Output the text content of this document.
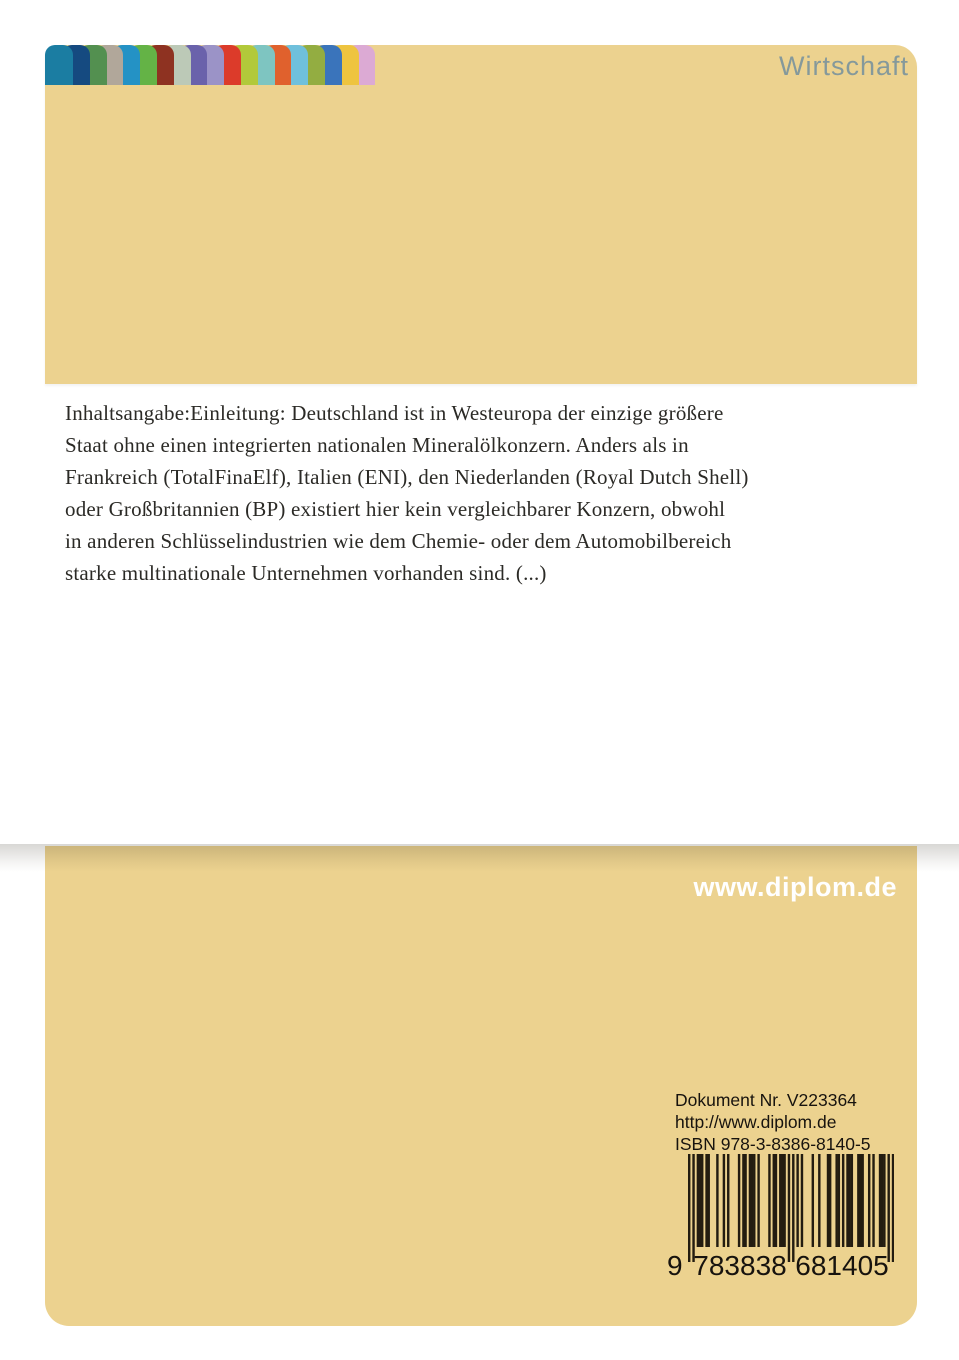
Wirtschaft
Inhaltsangabe:Einleitung: Deutschland ist in Westeuropa der einzige größere
Staat ohne einen integrierten nationalen Mineralölkonzern. Anders als in
Frankreich (TotalFinaElf), Italien (ENI), den Niederlanden (Royal Dutch Shell)
oder Großbritannien (BP) existiert hier kein vergleichbarer Konzern, obwohl
in anderen Schlüsselindustrien wie dem Chemie- oder dem Automobilbereich
starke multinationale Unternehmen vorhanden sind. (...)
www.diplom.de
Dokument Nr. V223364
http://www.diplom.de
ISBN 978-3-8386-8140-5
9 783838 681405
